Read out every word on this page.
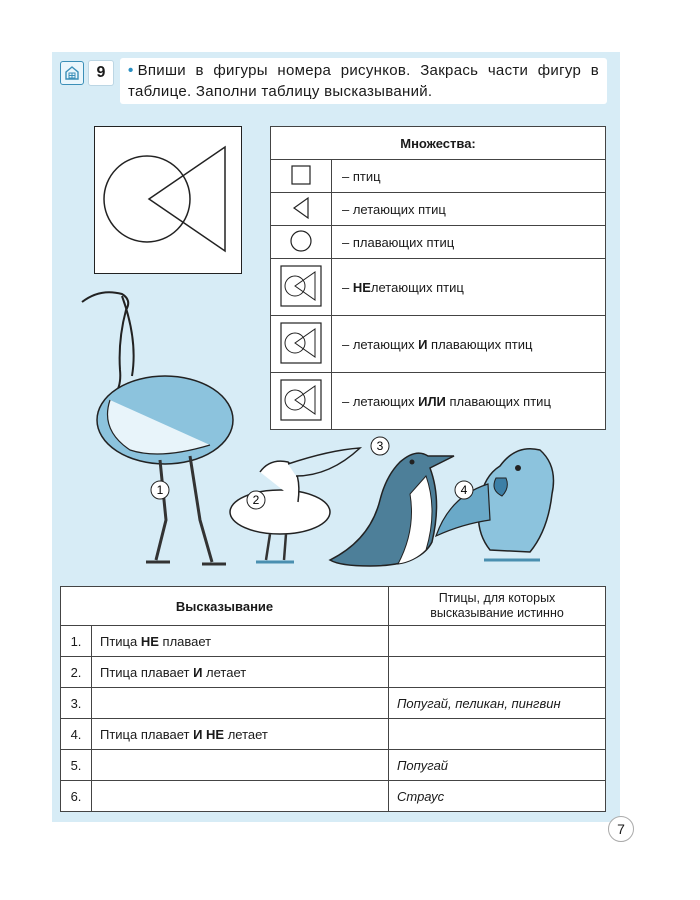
9	• Впиши в фигуры номера рисунков. Закрась части фигур в таблице. Заполни таблицу высказываний.
Множества:	
	– птиц
	– летающих птиц
	– плавающих птиц
	– НЕлетающих птиц
	– летающих И плавающих птиц
	– летающих ИЛИ плавающих птиц
1
2
3
4
Высказывание		Птицы, для которых
высказывание истинно
1.	Птица НЕ плавает	
2.	Птица плавает И летает	
3.		Попугай, пеликан, пингвин
4.	Птица плавает И НЕ летает	
5.		Попугай
6.		Страус
7
